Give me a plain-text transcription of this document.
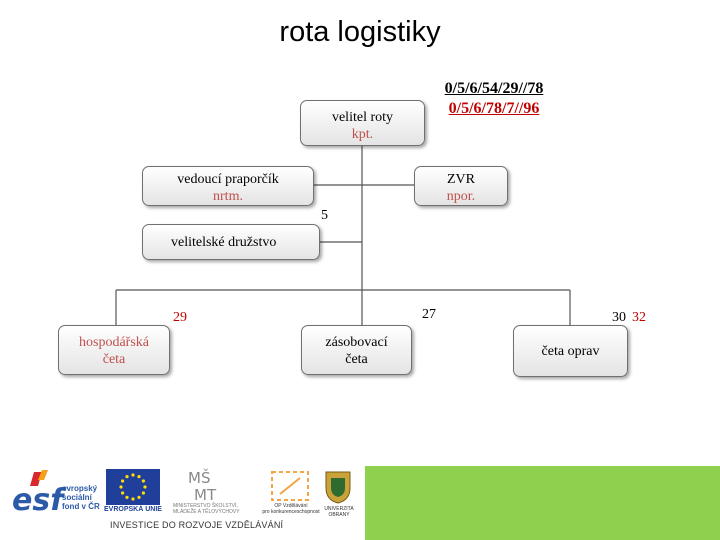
rota logistiky
0/5/6/54/29//78
0/5/6/78/7//96
velitel roty
kpt.
vedoucí praporčík
nrtm.
ZVR
npor.
5
velitelské družstvo
29	27	30 32
hospodářská
četa
zásobovací
četa
četa oprav
esf
evropský
sociální
fond v ČR EVROPSKÁ UNIE
MŠ
MT
MINISTERSTVO ŠKOLSTVÍ,
MLÁDEŽE A TĚLOVÝCHOVY
OP Vzdělávání
pro konkurenceschopnost UNIVERZITA
OBRANY
INVESTICE DO ROZVOJE VZDĚLÁVÁNÍ
